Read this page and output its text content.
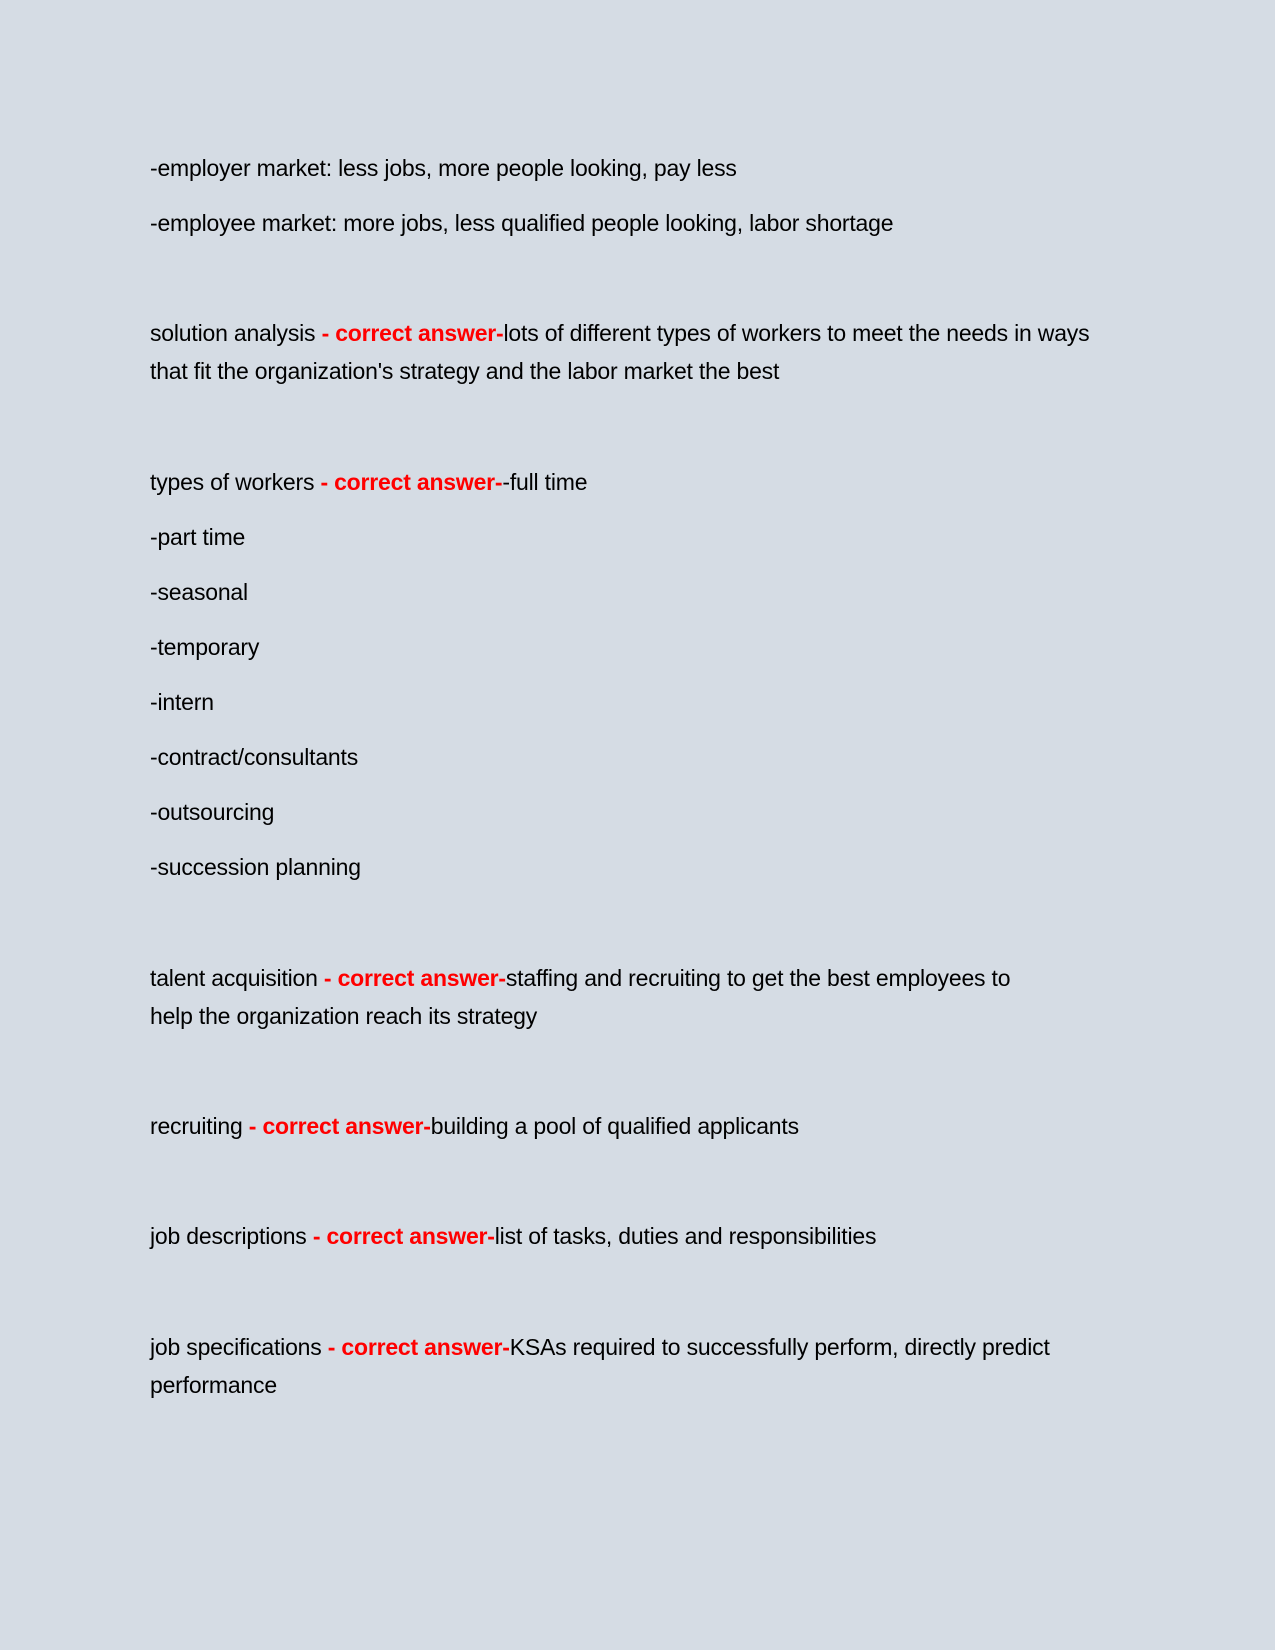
-employer market: less jobs, more people looking, pay less
-employee market: more jobs, less qualified people looking, labor shortage
solution analysis - correct answer-lots of different types of workers to meet the needs in ways that fit the organization's strategy and the labor market the best
types of workers - correct answer--full time
-part time
-seasonal
-temporary
-intern
-contract/consultants
-outsourcing
-succession planning
talent acquisition - correct answer-staffing and recruiting to get the best employees to help the organization reach its strategy
recruiting - correct answer-building a pool of qualified applicants
job descriptions - correct answer-list of tasks, duties and responsibilities
job specifications - correct answer-KSAs required to successfully perform, directly predict performance
